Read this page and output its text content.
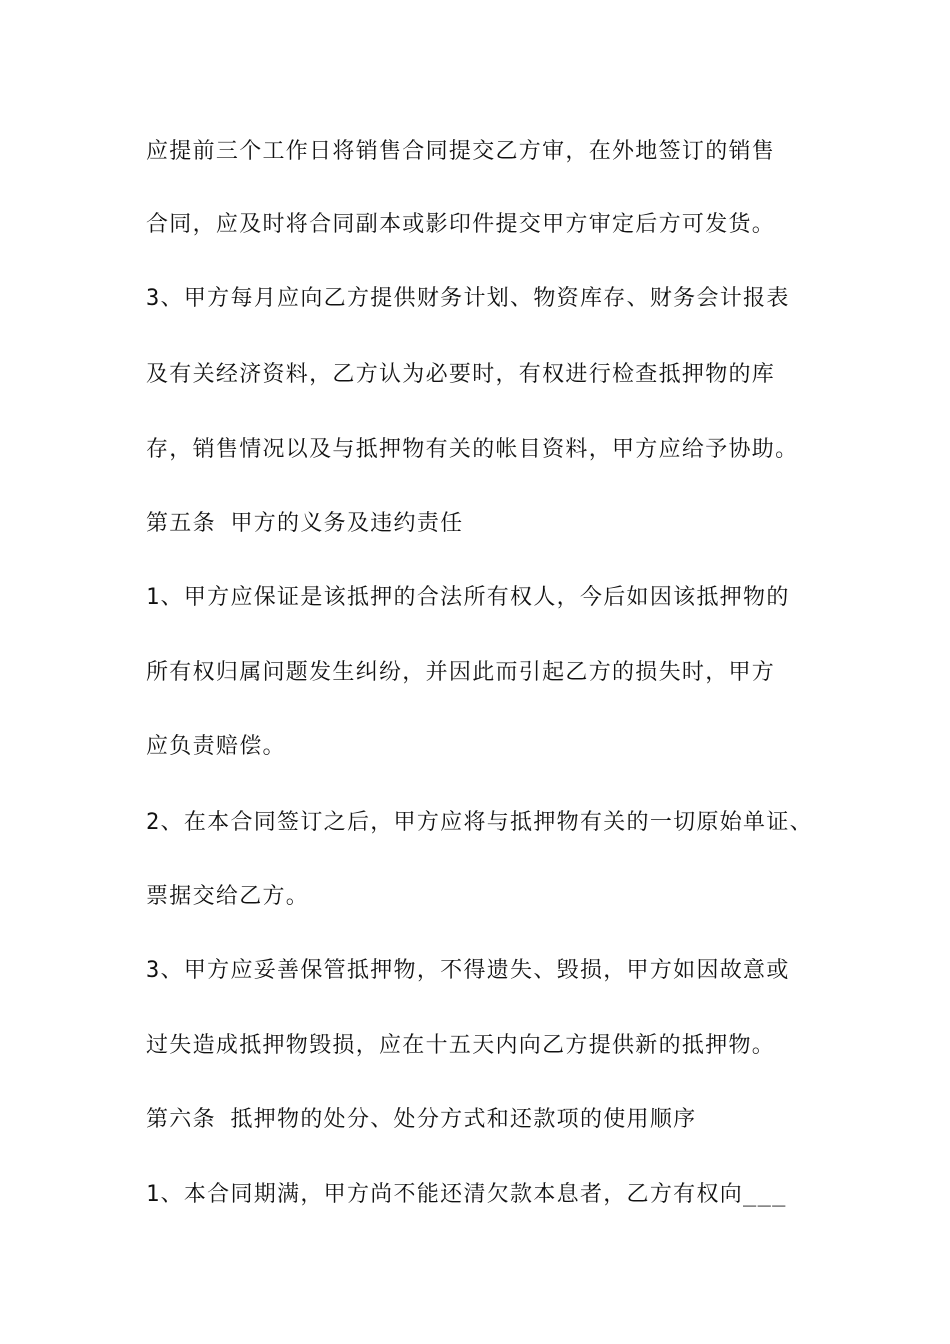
应提前三个工作日将销售合同提交乙方审，在外地签订的销售
合同，应及时将合同副本或影印件提交甲方审定后方可发货。
3、甲方每月应向乙方提供财务计划、物资库存、财务会计报表
及有关经济资料，乙方认为必要时，有权进行检查抵押物的库
存，销售情况以及与抵押物有关的帐目资料，甲方应给予协助。
第五条 甲方的义务及违约责任
1、甲方应保证是该抵押的合法所有权人，今后如因该抵押物的
所有权归属问题发生纠纷，并因此而引起乙方的损失时，甲方
应负责赔偿。
2、在本合同签订之后，甲方应将与抵押物有关的一切原始单证、
票据交给乙方。
3、甲方应妥善保管抵押物，不得遗失、毁损，甲方如因故意或
过失造成抵押物毁损，应在十五天内向乙方提供新的抵押物。
第六条 抵押物的处分、处分方式和还款项的使用顺序
1、本合同期满，甲方尚不能还清欠款本息者，乙方有权向___
